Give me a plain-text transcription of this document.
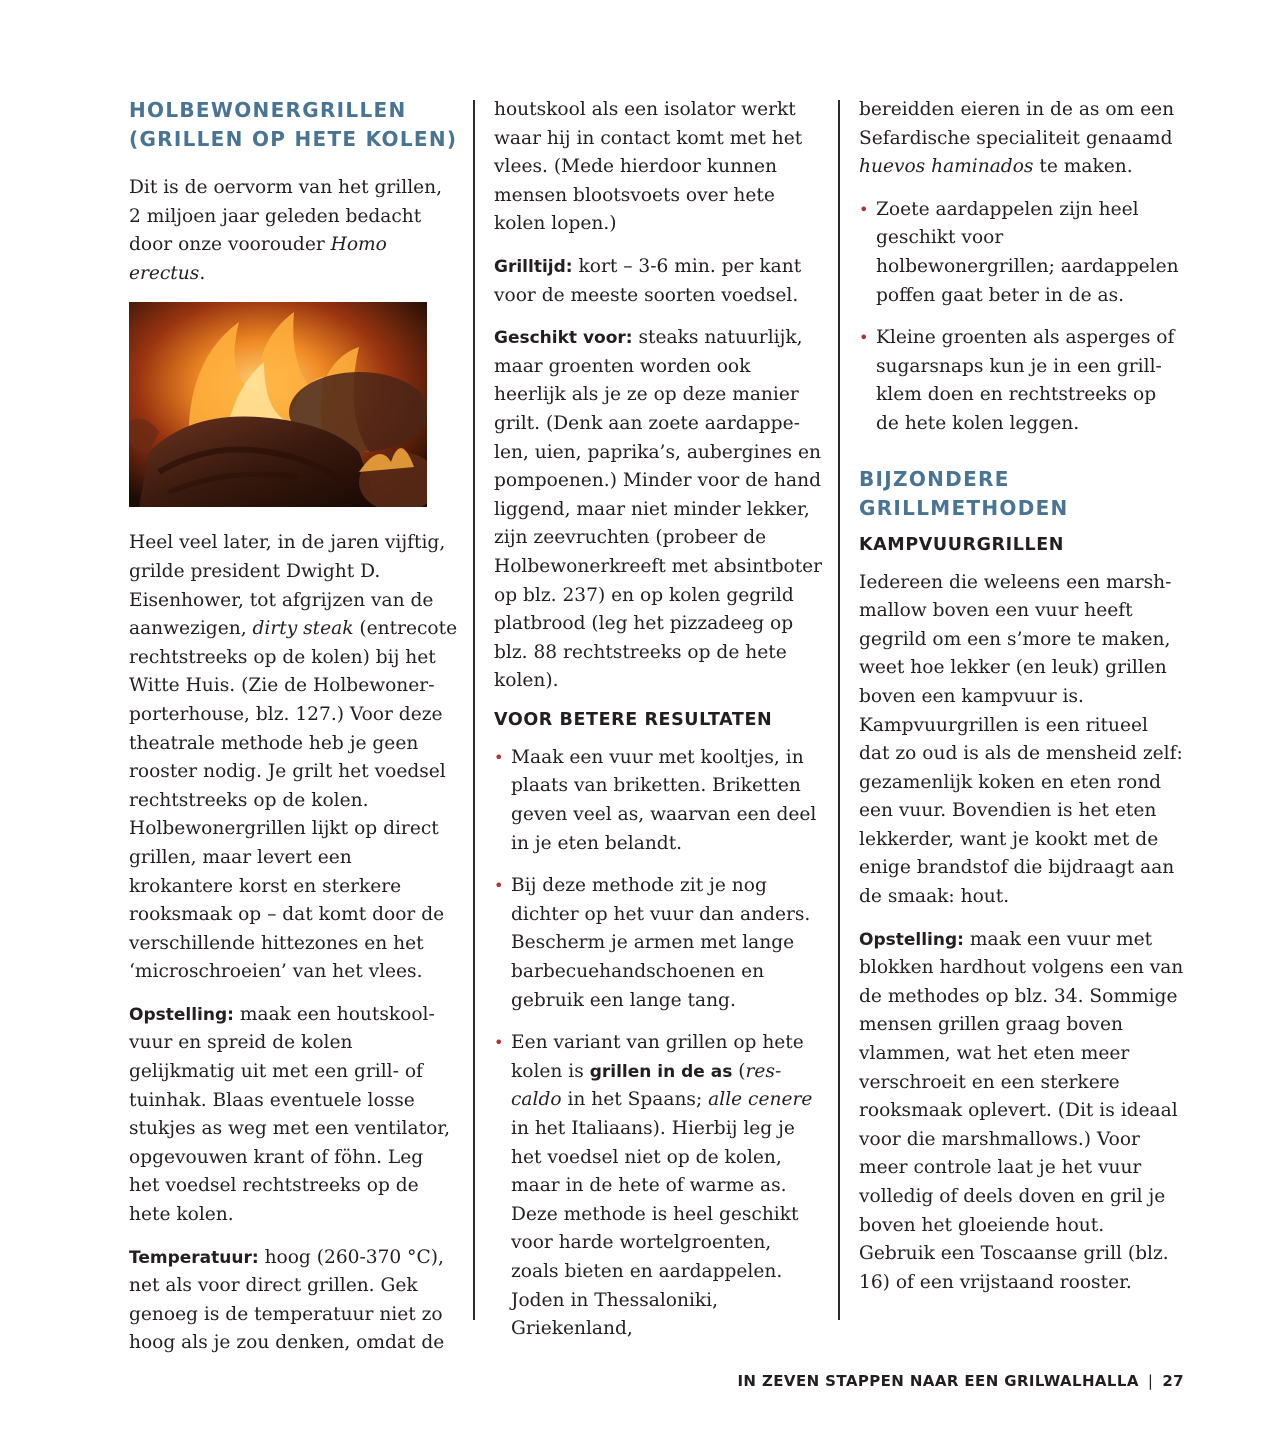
HOLBEWONERGRILLEN
(GRILLEN OP HETE KOLEN)

Dit is de oervorm van het grillen, 2 miljoen jaar geleden bedacht door onze voorouder Homo erectus.

Heel veel later, in de jaren vijftig, grilde president Dwight D. Eisenhower, tot afgrijzen van de aanwezigen, dirty steak (entrecote rechtstreeks op de kolen) bij het Witte Huis. (Zie de Holbewonerporterhouse, blz. 127.) Voor deze theatrale methode heb je geen rooster nodig. Je grilt het voedsel rechtstreeks op de kolen. Holbewonergrillen lijkt op direct grillen, maar levert een krokantere korst en sterkere rooksmaak op – dat komt door de verschillende hittezones en het ‘microschroeien’ van het vlees.

Opstelling: maak een houtskoolvuur en spreid de kolen gelijkmatig uit met een grill- of tuinhak. Blaas eventuele losse stukjes as weg met een ventilator, opgevouwen krant of föhn. Leg het voedsel rechtstreeks op de hete kolen.

Temperatuur: hoog (260-370 °C), net als voor direct grillen. Gek genoeg is de temperatuur niet zo hoog als je zou denken, omdat de

houtskool als een isolator werkt waar hij in contact komt met het vlees. (Mede hierdoor kunnen mensen blootsvoets over hete kolen lopen.)

Grilltijd: kort – 3-6 min. per kant voor de meeste soorten voedsel.

Geschikt voor: steaks natuurlijk, maar groenten worden ook heerlijk als je ze op deze manier grilt. (Denk aan zoete aardappelen, uien, paprika’s, aubergines en pompoenen.) Minder voor de hand liggend, maar niet minder lekker, zijn zeevruchten (probeer de Holbewonerkreeft met absintboter op blz. 237) en op kolen gegrild platbrood (leg het pizzadeeg op blz. 88 rechtstreeks op de hete kolen).

VOOR BETERE RESULTATEN
• Maak een vuur met kooltjes, in plaats van briketten. Briketten geven veel as, waarvan een deel in je eten belandt.
• Bij deze methode zit je nog dichter op het vuur dan anders. Bescherm je armen met lange barbecuehandschoenen en gebruik een lange tang.
• Een variant van grillen op hete kolen is grillen in de as (rescaldo in het Spaans; alle cenere in het Italiaans). Hierbij leg je het voedsel niet op de kolen, maar in de hete of warme as. Deze methode is heel geschikt voor harde wortelgroenten, zoals bieten en aardappelen. Joden in Thessaloniki, Griekenland,

bereidden eieren in de as om een Sefardische specialiteit genaamd huevos haminados te maken.

• Zoete aardappelen zijn heel geschikt voor holbewonergrillen; aardappelen poffen gaat beter in de as.
• Kleine groenten als asperges of sugarsnaps kun je in een grillklem doen en rechtstreeks op de hete kolen leggen.
BIJZONDERE
GRILLMETHODEN
KAMPVUURGRILLEN

Iedereen die weleens een marshmallow boven een vuur heeft gegrild om een s’more te maken, weet hoe lekker (en leuk) grillen boven een kampvuur is. Kampvuurgrillen is een ritueel dat zo oud is als de mensheid zelf: gezamenlijk koken en eten rond een vuur. Bovendien is het eten lekkerder, want je kookt met de enige brandstof die bijdraagt aan de smaak: hout.

Opstelling: maak een vuur met blokken hardhout volgens een van de methodes op blz. 34. Sommige mensen grillen graag boven vlammen, wat het eten meer verschroeit en een sterkere rooksmaak oplevert. (Dit is ideaal voor die marshmallows.) Voor meer controle laat je het vuur volledig of deels doven en gril je boven het gloeiende hout. Gebruik een Toscaanse grill (blz. 16) of een vrijstaand rooster.

IN ZEVEN STAPPEN NAAR EEN GRILWALHALLA | 27
